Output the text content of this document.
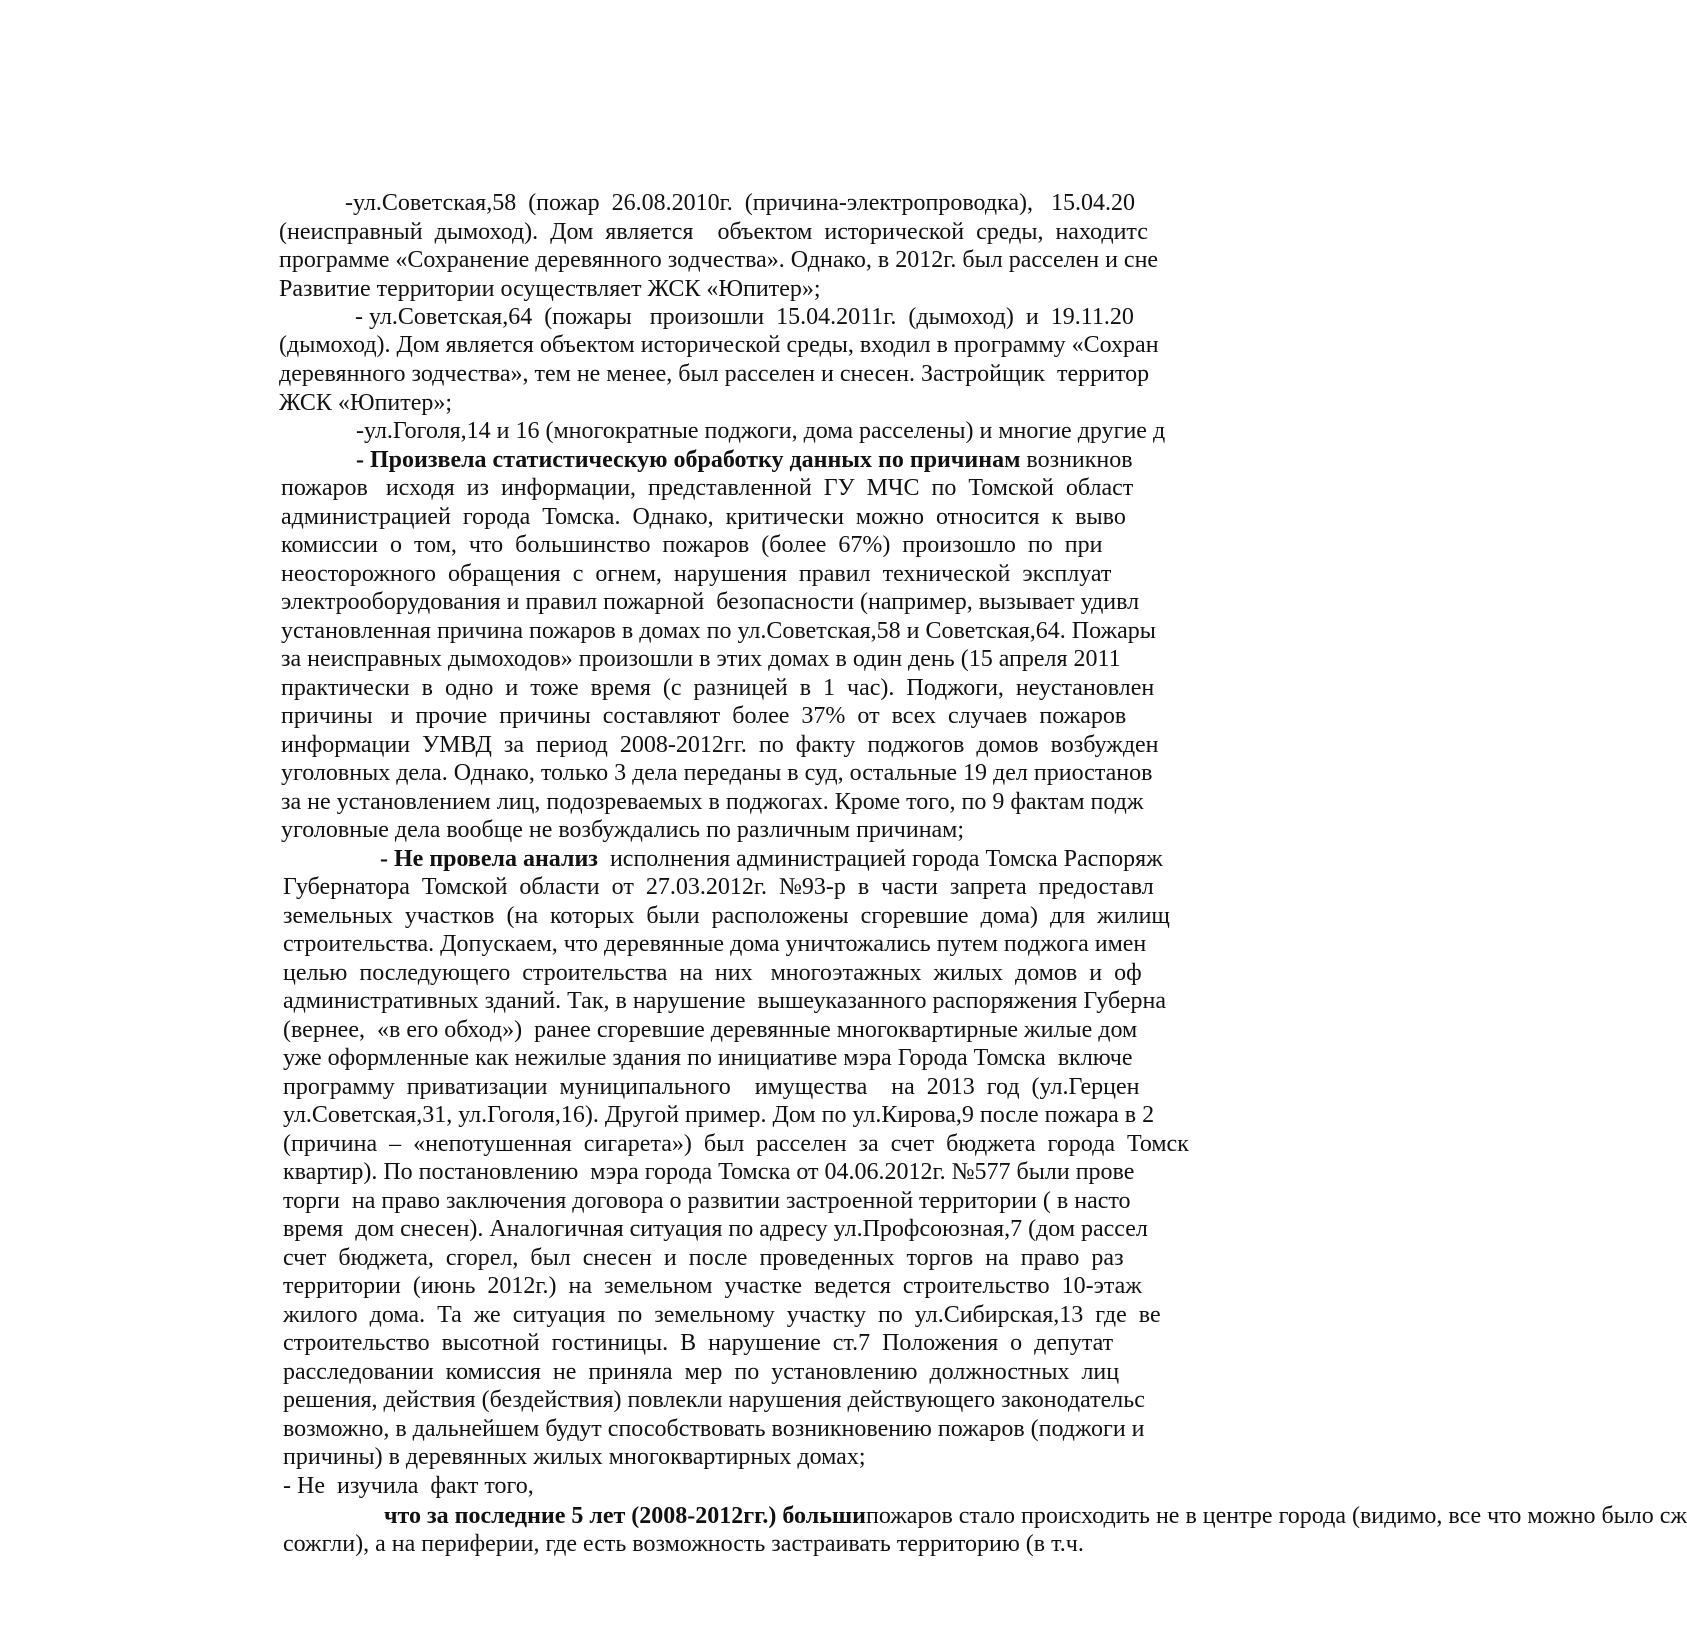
-ул.Советская,58  (пожар  26.08.2010г.  (причина-электропроводка),   15.04.20
(неисправный  дымоход).  Дом  является    объектом  исторической  среды,  находитс
программе «Сохранение деревянного зодчества». Однако, в 2012г. был расселен и сне
Развитие территории осуществляет ЖСК «Юпитер»;
- ул.Советская,64  (пожары   произошли  15.04.2011г.  (дымоход)  и  19.11.20
(дымоход). Дом является объектом исторической среды, входил в программу «Сохран
деревянного зодчества», тем не менее, был расселен и снесен. Застройщик  территор
ЖСК «Юпитер»;
-ул.Гоголя,14 и 16 (многократные поджоги, дома расселены) и многие другие д
- Произвела статистическую обработку данных по причинам возникнов
пожаров   исходя  из  информации,  представленной  ГУ  МЧС  по  Томской  област
администрацией  города  Томска.  Однако,  критически  можно  относится  к  выво
комиссии  о  том,  что  большинство  пожаров  (более  67%)  произошло  по  при
неосторожного  обращения  с  огнем,  нарушения  правил  технической  эксплуат
электрооборудования и правил пожарной  безопасности (например, вызывает удивл
установленная причина пожаров в домах по ул.Советская,58 и Советская,64. Пожары
за неисправных дымоходов» произошли в этих домах в один день (15 апреля 2011
практически  в  одно  и  тоже  время  (с  разницей  в  1  час).  Поджоги,  неустановлен
причины   и  прочие  причины  составляют  более  37%  от  всех  случаев  пожаров
информации  УМВД  за  период  2008-2012гг.  по  факту  поджогов  домов  возбужден
уголовных дела. Однако, только 3 дела переданы в суд, остальные 19 дел приостанов
за не установлением лиц, подозреваемых в поджогах. Кроме того, по 9 фактам подж
уголовные дела вообще не возбуждались по различным причинам;
- Не провела анализ  исполнения администрацией города Томска Распоряж
Губернатора  Томской  области  от  27.03.2012г.  №93-р  в  части  запрета  предоставл
земельных  участков  (на  которых  были  расположены  сгоревшие  дома)  для  жилищ
строительства. Допускаем, что деревянные дома уничтожались путем поджога имен
целью  последующего  строительства  на  них   многоэтажных  жилых  домов  и  оф
административных зданий. Так, в нарушение  вышеуказанного распоряжения Губерна
(вернее,  «в его обход»)  ранее сгоревшие деревянные многоквартирные жилые дом
уже оформленные как нежилые здания по инициативе мэра Города Томска  включе
программу  приватизации  муниципального    имущества    на  2013  год  (ул.Герцен
ул.Советская,31, ул.Гоголя,16). Другой пример. Дом по ул.Кирова,9 после пожара в 2
(причина  –  «непотушенная  сигарета»)  был  расселен  за  счет  бюджета  города  Томск
квартир). По постановлению  мэра города Томска от 04.06.2012г. №577 были прове
торги  на право заключения договора о развитии застроенной территории ( в насто
время  дом снесен). Аналогичная ситуация по адресу ул.Профсоюзная,7 (дом рассел
счет  бюджета,  сгорел,  был  снесен  и  после  проведенных  торгов  на  право  раз
территории  (июнь  2012г.)  на  земельном  участке  ведется  строительство  10-этаж
жилого  дома.  Та  же  ситуация  по  земельному  участку  по  ул.Сибирская,13  где  ве
строительство  высотной  гостиницы.  В  нарушение  ст.7  Положения  о  депутат
расследовании  комиссия  не  приняла  мер  по  установлению  должностных  лиц
решения, действия (бездействия) повлекли нарушения действующего законодательс
возможно, в дальнейшем будут способствовать возникновению пожаров (поджоги и
причины) в деревянных жилых многоквартирных домах;
- Не  изучила  факт того,
что за последние 5 лет (2008-2012гг.) большипожаров стало происходить не в центре города (видимо, все что можно было сж
сожгли), а на периферии, где есть возможность застраивать территорию (в т.ч.
